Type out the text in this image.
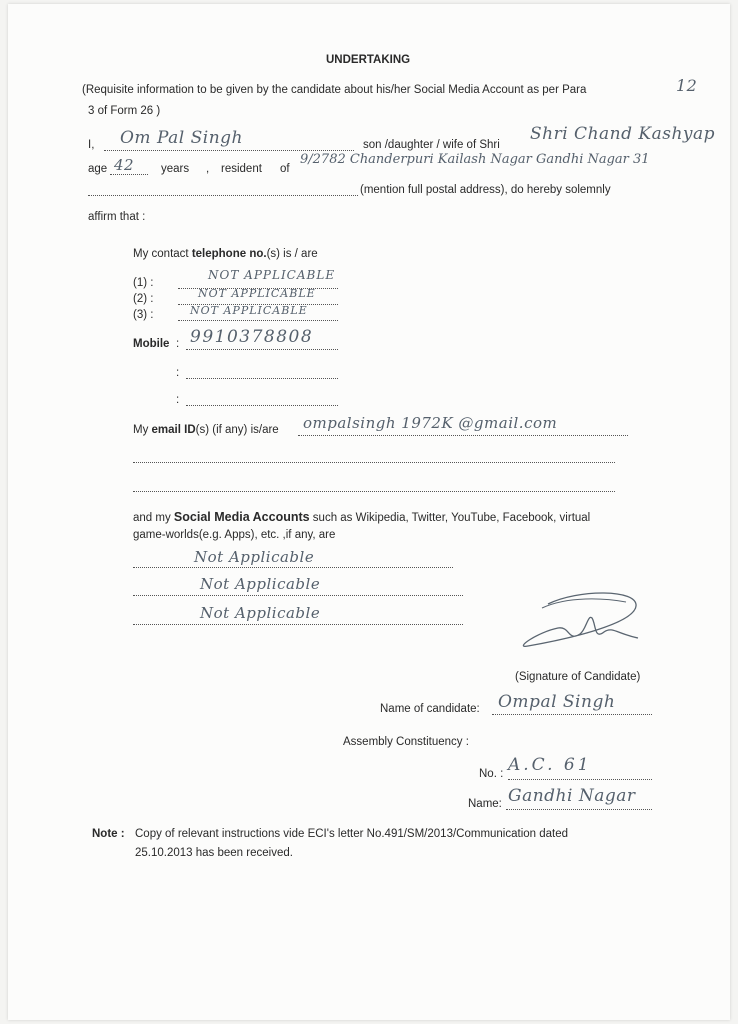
UNDERTAKING
(Requisite information to be given by the candidate about his/her Social Media Account as per Para
3 of Form 26 )
12
I, Om Pal Singh	son /daughter / wife of Shri
Shri Chand Kashyap
age 42 years , resident of
9/2782 Chanderpuri Kailash Nagar Gandhi Nagar 31
(mention full postal address), do hereby solemnly
affirm that :
My contact telephone no.(s) is / are
(1) :
NOT APPLICABLE
(2) :	NOT APPLICABLE
(3) :	NOT APPLICABLE
Mobile : 9910378808
:
:
My email ID(s) (if any) is/are ompalsingh 1972K @gmail.com
and my Social Media Accounts such as Wikipedia, Twitter, YouTube, Facebook, virtual
game-worlds(e.g. Apps), etc. ,if any, are
Not Applicable
Not Applicable
Not Applicable
(Signature of Candidate)
Name of candidate: Ompal Singh
Assembly Constituency :
No. : A.C. 61
Name: Gandhi Nagar
Note : Copy of relevant instructions vide ECI's letter No.491/SM/2013/Communication dated
25.10.2013 has been received.
